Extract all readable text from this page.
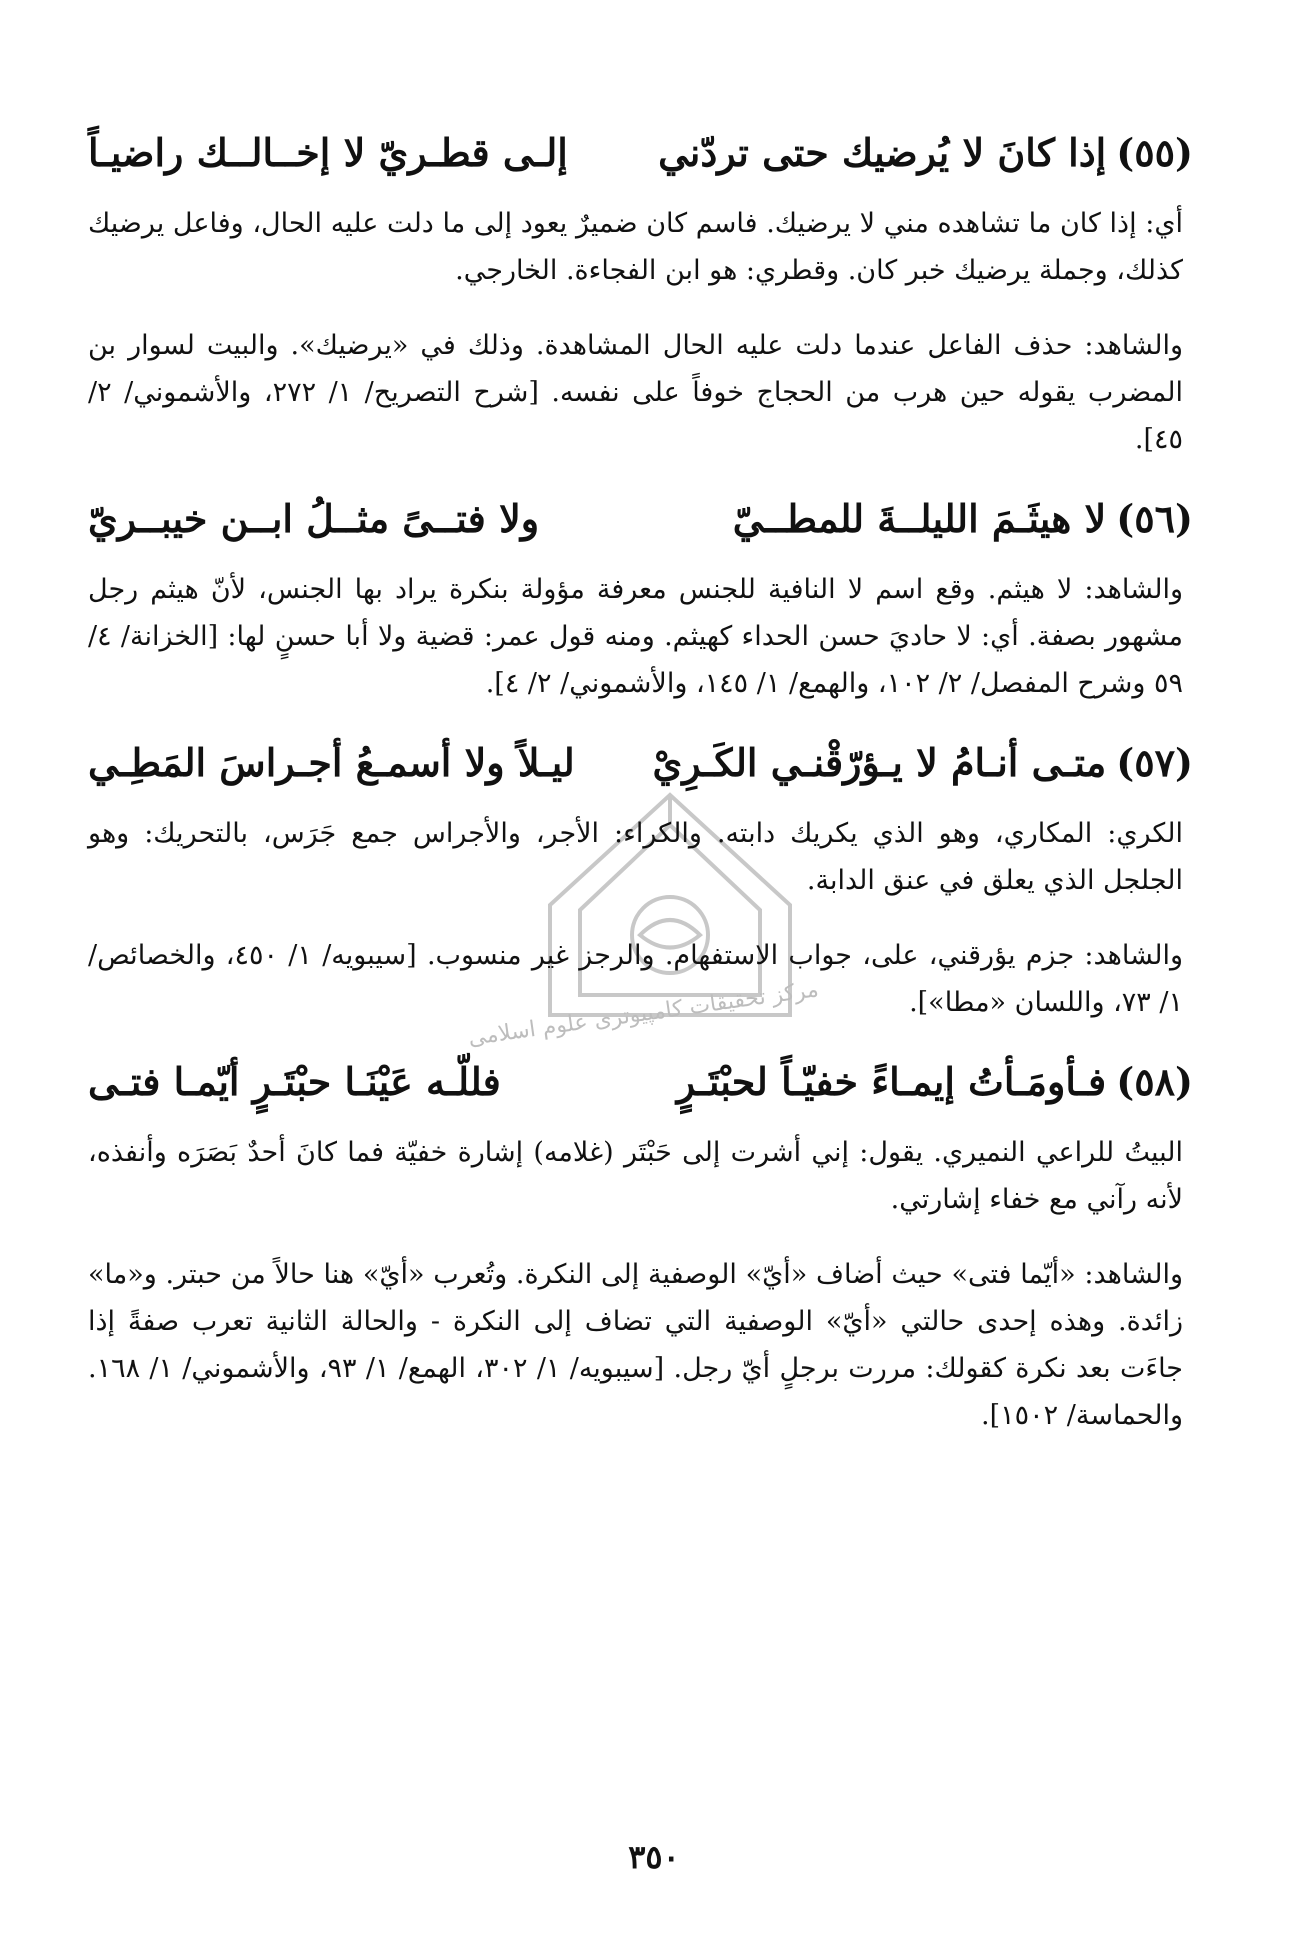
مركز تحقيقات كامپيوترى علوم اسلامى
(٥٥)
إذا كانَ لا يُرضيك حتى تردّني
إلـى قطـريّ لا إخــالــك راضيـاً

أي: إذا كان ما تشاهده مني لا يرضيك. فاسم كان ضميرٌ يعود إلى ما دلت عليه الحال، وفاعل يرضيك كذلك، وجملة يرضيك خبر كان. وقطري: هو ابن الفجاءة. الخارجي.

والشاهد: حذف الفاعل عندما دلت عليه الحال المشاهدة. وذلك في «يرضيك». والبيت لسوار بن المضرب يقوله حين هرب من الحجاج خوفاً على نفسه. [شرح التصريح/ ١/ ٢٧٢، والأشموني/ ٢/ ٤٥].

(٥٦)
لا هيثَـمَ الليلــةَ للمطــيّ
ولا فتــىً مثــلُ ابــن خيبــريّ

والشاهد: لا هيثم. وقع اسم لا النافية للجنس معرفة مؤولة بنكرة يراد بها الجنس، لأنّ هيثم رجل مشهور بصفة. أي: لا حاديَ حسن الحداء كهيثم. ومنه قول عمر: قضية ولا أبا حسنٍ لها: [الخزانة/ ٤/ ٥٩ وشرح المفصل/ ٢/ ١٠٢، والهمع/ ١/ ١٤٥، والأشموني/ ٢/ ٤].

(٥٧)
متـى أنـامُ لا يـؤرّقْنـي الكَـرِيْ
ليـلاً ولا أسمـعُ أجـراسَ المَطِـي

الكري: المكاري، وهو الذي يكريك دابته. والكراء: الأجر، والأجراس جمع جَرَس، بالتحريك: وهو الجلجل الذي يعلق في عنق الدابة.

والشاهد: جزم يؤرقني، على، جواب الاستفهام. والرجز غير منسوب. [سيبويه/ ١/ ٤٥٠، والخصائص/ ١/ ٧٣، واللسان «مطا»].

(٥٨)
فـأومَـأتُ إيمـاءً خفيّـاً لحبْتَـرٍ
فللّـه عَيْنَـا حبْتَـرٍ أيّمـا فتـى

البيتُ للراعي النميري. يقول: إني أشرت إلى حَبْتَر (غلامه) إشارة خفيّة فما كانَ أحدٌ بَصَرَه وأنفذه، لأنه رآني مع خفاء إشارتي.

والشاهد: «أيّما فتى» حيث أضاف «أيّ» الوصفية إلى النكرة. وتُعرب «أيّ» هنا حالاً من حبتر. و«ما» زائدة. وهذه إحدى حالتي «أيّ» الوصفية التي تضاف إلى النكرة - والحالة الثانية تعرب صفةً إذا جاءَت بعد نكرة كقولك: مررت برجلٍ أيّ رجل. [سيبويه/ ١/ ٣٠٢، الهمع/ ١/ ٩٣، والأشموني/ ١/ ١٦٨. والحماسة/ ١٥٠٢].

٣٥٠
